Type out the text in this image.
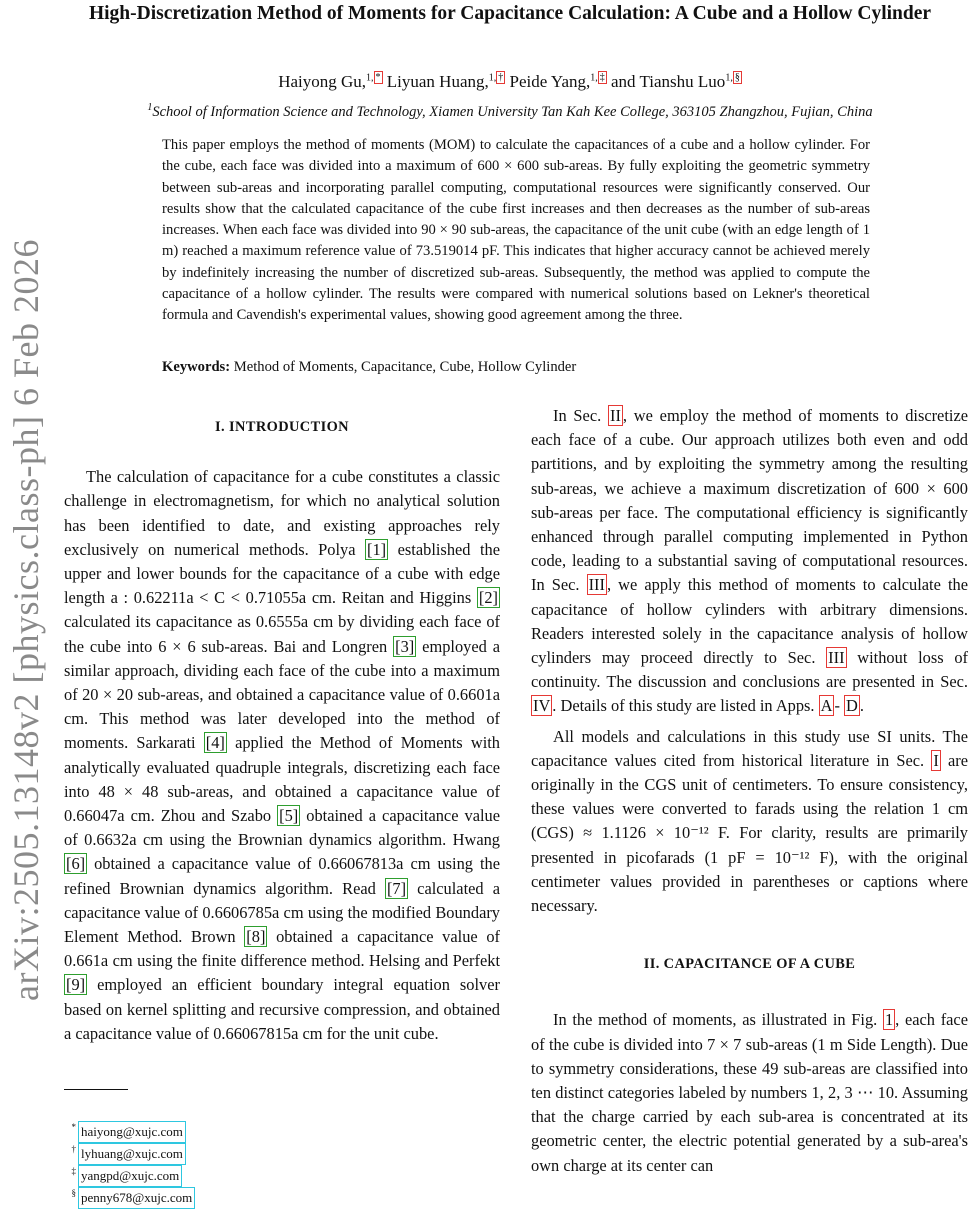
arXiv:2505.13148v2 [physics.class-ph] 6 Feb 2026
High-Discretization Method of Moments for Capacitance Calculation: A Cube and a Hollow Cylinder
Haiyong Gu,$^{1,}$ * Liyuan Huang,$^{1,}$ † Peide Yang,$^{1,}$ ‡ and Tianshu Luo$^{1,}$ §
$^1$School of Information Science and Technology, Xiamen University Tan Kah Kee College, 363105 Zhangzhou, Fujian, China
This paper employs the method of moments (MOM) to calculate the capacitances of a cube and a hollow cylinder. For the cube, each face was divided into a maximum of 600 × 600 sub-areas. By fully exploiting the geometric symmetry between sub-areas and incorporating parallel computing, computational resources were significantly conserved. Our results show that the calculated capacitance of the cube first increases and then decreases as the number of sub-areas increases. When each face was divided into 90 × 90 sub-areas, the capacitance of the unit cube (with an edge length of 1 m) reached a maximum reference value of 73.519014 pF. This indicates that higher accuracy cannot be achieved merely by indefinitely increasing the number of discretized sub-areas. Subsequently, the method was applied to compute the capacitance of a hollow cylinder. The results were compared with numerical solutions based on Lekner's theoretical formula and Cavendish's experimental values, showing good agreement among the three.
Keywords: Method of Moments, Capacitance, Cube, Hollow Cylinder
I. INTRODUCTION

The calculation of capacitance for a cube constitutes a classic challenge in electromagnetism, for which no analytical solution has been identified to date, and existing approaches rely exclusively on numerical methods. Polya [1] established the upper and lower bounds for the capacitance of a cube with edge length a : 0.62211a < C < 0.71055a cm. Reitan and Higgins [2] calculated its capacitance as 0.6555a cm by dividing each face of the cube into 6 × 6 sub-areas. Bai and Longren [3] employed a similar approach, dividing each face of the cube into a maximum of 20 × 20 sub-areas, and obtained a capacitance value of 0.6601a cm. This method was later developed into the method of moments. Sarkarati [4] applied the Method of Moments with analytically evaluated quadruple integrals, discretizing each face into 48 × 48 sub-areas, and obtained a capacitance value of 0.66047a cm. Zhou and Szabo [5] obtained a capacitance value of 0.6632a cm using the Brownian dynamics algorithm. Hwang [6] obtained a capacitance value of 0.66067813a cm using the refined Brownian dynamics algorithm. Read [7] calculated a capacitance value of 0.6606785a cm using the modified Boundary Element Method. Brown [8] obtained a capacitance value of 0.661a cm using the finite difference method. Helsing and Perfekt [9] employed an efficient boundary integral equation solver based on kernel splitting and recursive compression, and obtained a capacitance value of 0.66067815a cm for the unit cube.

In Sec. II , we employ the method of moments to discretize each face of a cube. Our approach utilizes both even and odd partitions, and by exploiting the symmetry among the resulting sub-areas, we achieve a maximum discretization of 600 × 600 sub-areas per face. The computational efficiency is significantly enhanced through parallel computing implemented in Python code, leading to a substantial saving of computational resources. In Sec. III , we apply this method of moments to calculate the capacitance of hollow cylinders with arbitrary dimensions. Readers interested solely in the capacitance analysis of hollow cylinders may proceed directly to Sec. III without loss of continuity. The discussion and conclusions are presented in Sec. IV . Details of this study are listed in Apps. A - D .

All models and calculations in this study use SI units. The capacitance values cited from historical literature in Sec. I are originally in the CGS unit of centimeters. To ensure consistency, these values were converted to farads using the relation 1 cm (CGS) ≈ 1.1126 × 10⁻¹² F. For clarity, results are primarily presented in picofarads (1 pF = 10⁻¹² F), with the original centimeter values provided in parentheses or captions where necessary.

II. CAPACITANCE OF A CUBE

In the method of moments, as illustrated in Fig. 1 , each face of the cube is divided into 7 × 7 sub-areas (1 m Side Length). Due to symmetry considerations, these 49 sub-areas are classified into ten distinct categories labeled by numbers 1, 2, 3 ⋯ 10. Assuming that the charge carried by each sub-area is concentrated at its geometric center, the electric potential generated by a sub-area's own charge at its center can

* haiyong@xujc.com
† lyhuang@xujc.com
‡ yangpd@xujc.com
§ penny678@xujc.com
